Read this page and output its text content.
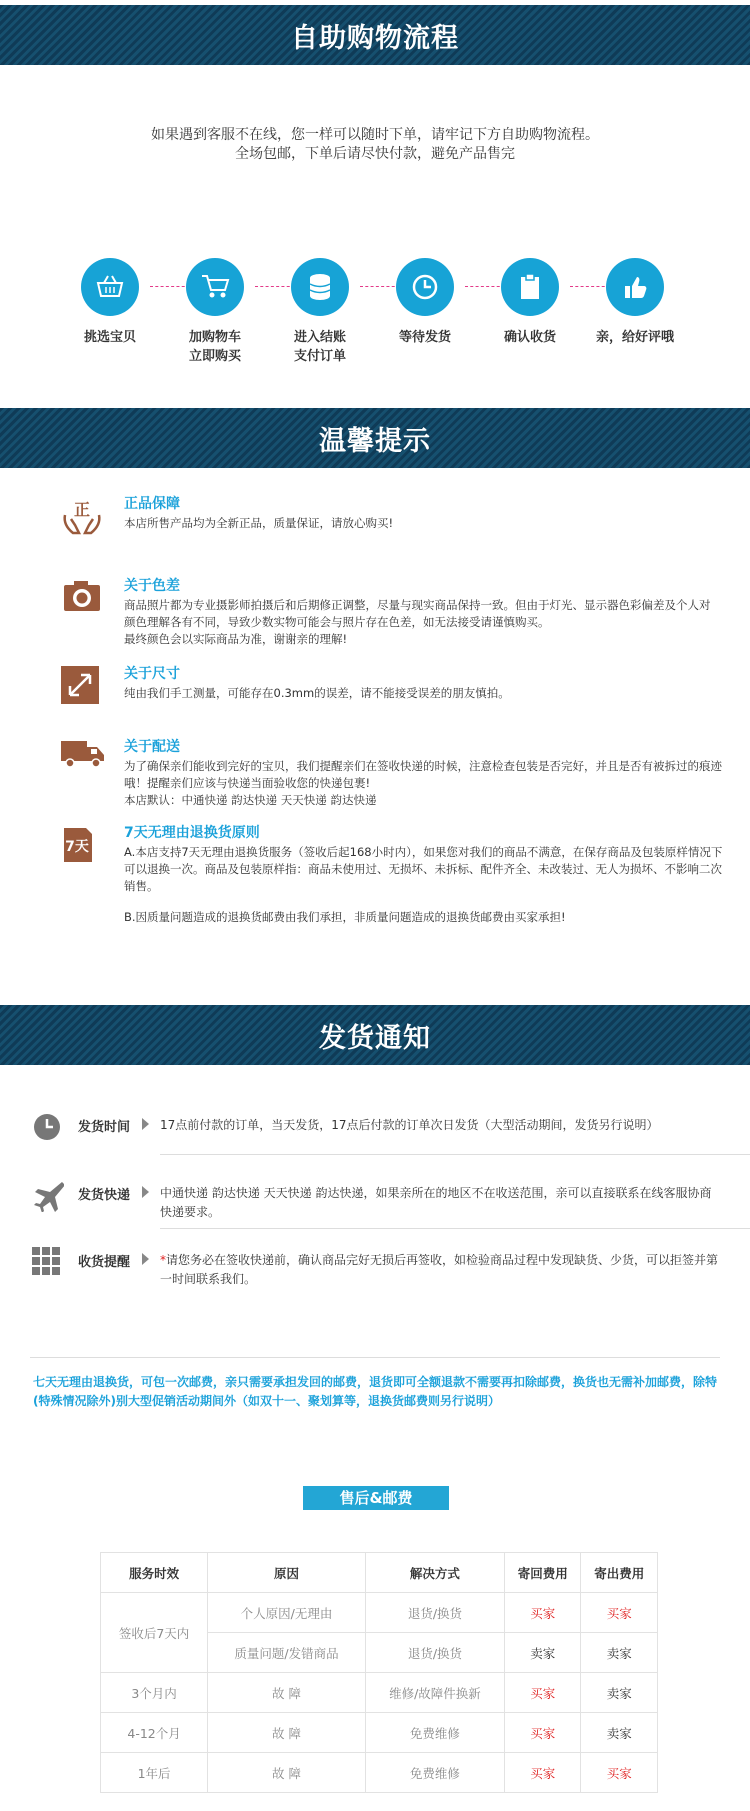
自助购物流程
如果遇到客服不在线，您一样可以随时下单，请牢记下方自助购物流程。
全场包邮，下单后请尽快付款，避免产品售完
挑选宝贝	加购物车
立即购买
进入结账
支付订单
等待发货	确认收货	亲，给好评哦
温馨提示
正 正品保障
本店所售产品均为全新正品，质量保证，请放心购买!
关于色差
商品照片都为专业摄影师拍摄后和后期修正调整，尽量与现实商品保持一致。但由于灯光、显示器色彩偏差及个人对颜色理解各有不同，导致少数实物可能会与照片存在色差，如无法接受请谨慎购买。
最终颜色会以实际商品为准，谢谢亲的理解!
关于尺寸
纯由我们手工测量，可能存在0.3mm的误差，请不能接受误差的朋友慎拍。
关于配送
为了确保亲们能收到完好的宝贝，我们提醒亲们在签收快递的时候，注意检查包装是否完好，并且是否有被拆过的痕迹哦！提醒亲们应该与快递当面验收您的快递包裹!
本店默认：中通快递 韵达快递 天天快递 韵达快递
7天
7天无理由退换货原则
A.本店支持7天无理由退换货服务（签收后起168小时内），如果您对我们的商品不满意，在保存商品及包装原样情况下可以退换一次。商品及包装原样指：商品未使用过、无损坏、未拆标、配件齐全、未改装过、无人为损坏、不影响二次销售。
B.因质量问题造成的退换货邮费由我们承担，非质量问题造成的退换货邮费由买家承担!
发货通知
发货时间 17点前付款的订单，当天发货，17点后付款的订单次日发货（大型活动期间，发货另行说明）
发货快递 中通快递 韵达快递 天天快递 韵达快递，如果亲所在的地区不在收送范围，亲可以直接联系在线客服协商快递要求。
收货提醒 *请您务必在签收快递前，确认商品完好无损后再签收，如检验商品过程中发现缺货、少货，可以拒签并第一时间联系我们。
七天无理由退换货，可包一次邮费，亲只需要承担发回的邮费，退货即可全额退款不需要再扣除邮费，换货也无需补加邮费，除特(特殊情况除外)别大型促销活动期间外（如双十一、聚划算等，退换货邮费则另行说明）
售后&邮费
服务时效	原因	解决方式	寄回费用	寄出费用
签收后7天内	个人原因/无理由	退货/换货	买家	买家
	质量问题/发错商品	退货/换货	卖家	卖家
3个月内	故 障	维修/故障件换新	买家	卖家
4-12个月	故 障	免费维修	买家	卖家
1年后	故 障	免费维修	买家	买家
